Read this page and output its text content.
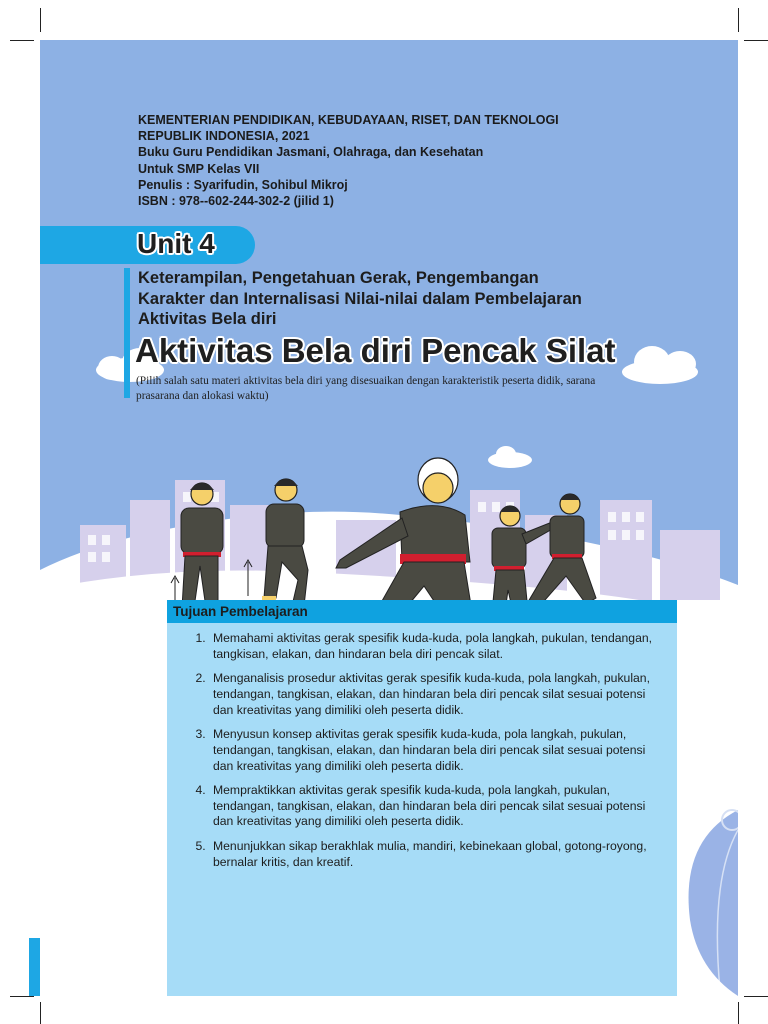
KEMENTERIAN PENDIDIKAN, KEBUDAYAAN, RISET, DAN TEKNOLOGI
REPUBLIK INDONESIA, 2021
Buku Guru Pendidikan Jasmani, Olahraga, dan Kesehatan
Untuk SMP Kelas VII
Penulis : Syarifudin, Sohibul Mikroj
ISBN : 978--602-244-302-2 (jilid 1)
Unit 4
Keterampilan, Pengetahuan Gerak, Pengembangan
Karakter dan Internalisasi Nilai-nilai dalam Pembelajaran
Aktivitas Bela diri
Aktivitas Bela diri Pencak Silat
(Pilih salah satu materi aktivitas bela diri yang disesuaikan dengan karakteristik peserta didik, sarana prasarana dan alokasi waktu)
Tujuan Pembelajaran
1. Memahami aktivitas gerak spesifik kuda-kuda, pola langkah, pukulan, tendangan, tangkisan, elakan, dan hindaran bela diri pencak silat.
2. Menganalisis prosedur aktivitas gerak spesifik kuda-kuda, pola langkah, pukulan, tendangan, tangkisan, elakan, dan hindaran bela diri pencak silat sesuai potensi dan kreativitas yang dimiliki oleh peserta didik.
3. Menyusun konsep aktivitas gerak spesifik kuda-kuda, pola langkah, pukulan, tendangan, tangkisan, elakan, dan hindaran bela diri pencak silat sesuai potensi dan kreativitas yang dimiliki oleh peserta didik.
4. Mempraktikkan aktivitas gerak spesifik kuda-kuda, pola langkah, pukulan, tendangan, tangkisan, elakan, dan hindaran bela diri pencak silat sesuai potensi dan kreativitas yang dimiliki oleh peserta didik.
5. Menunjukkan sikap berakhlak mulia, mandiri, kebinekaan global, gotong-royong, bernalar kritis, dan kreatif.
